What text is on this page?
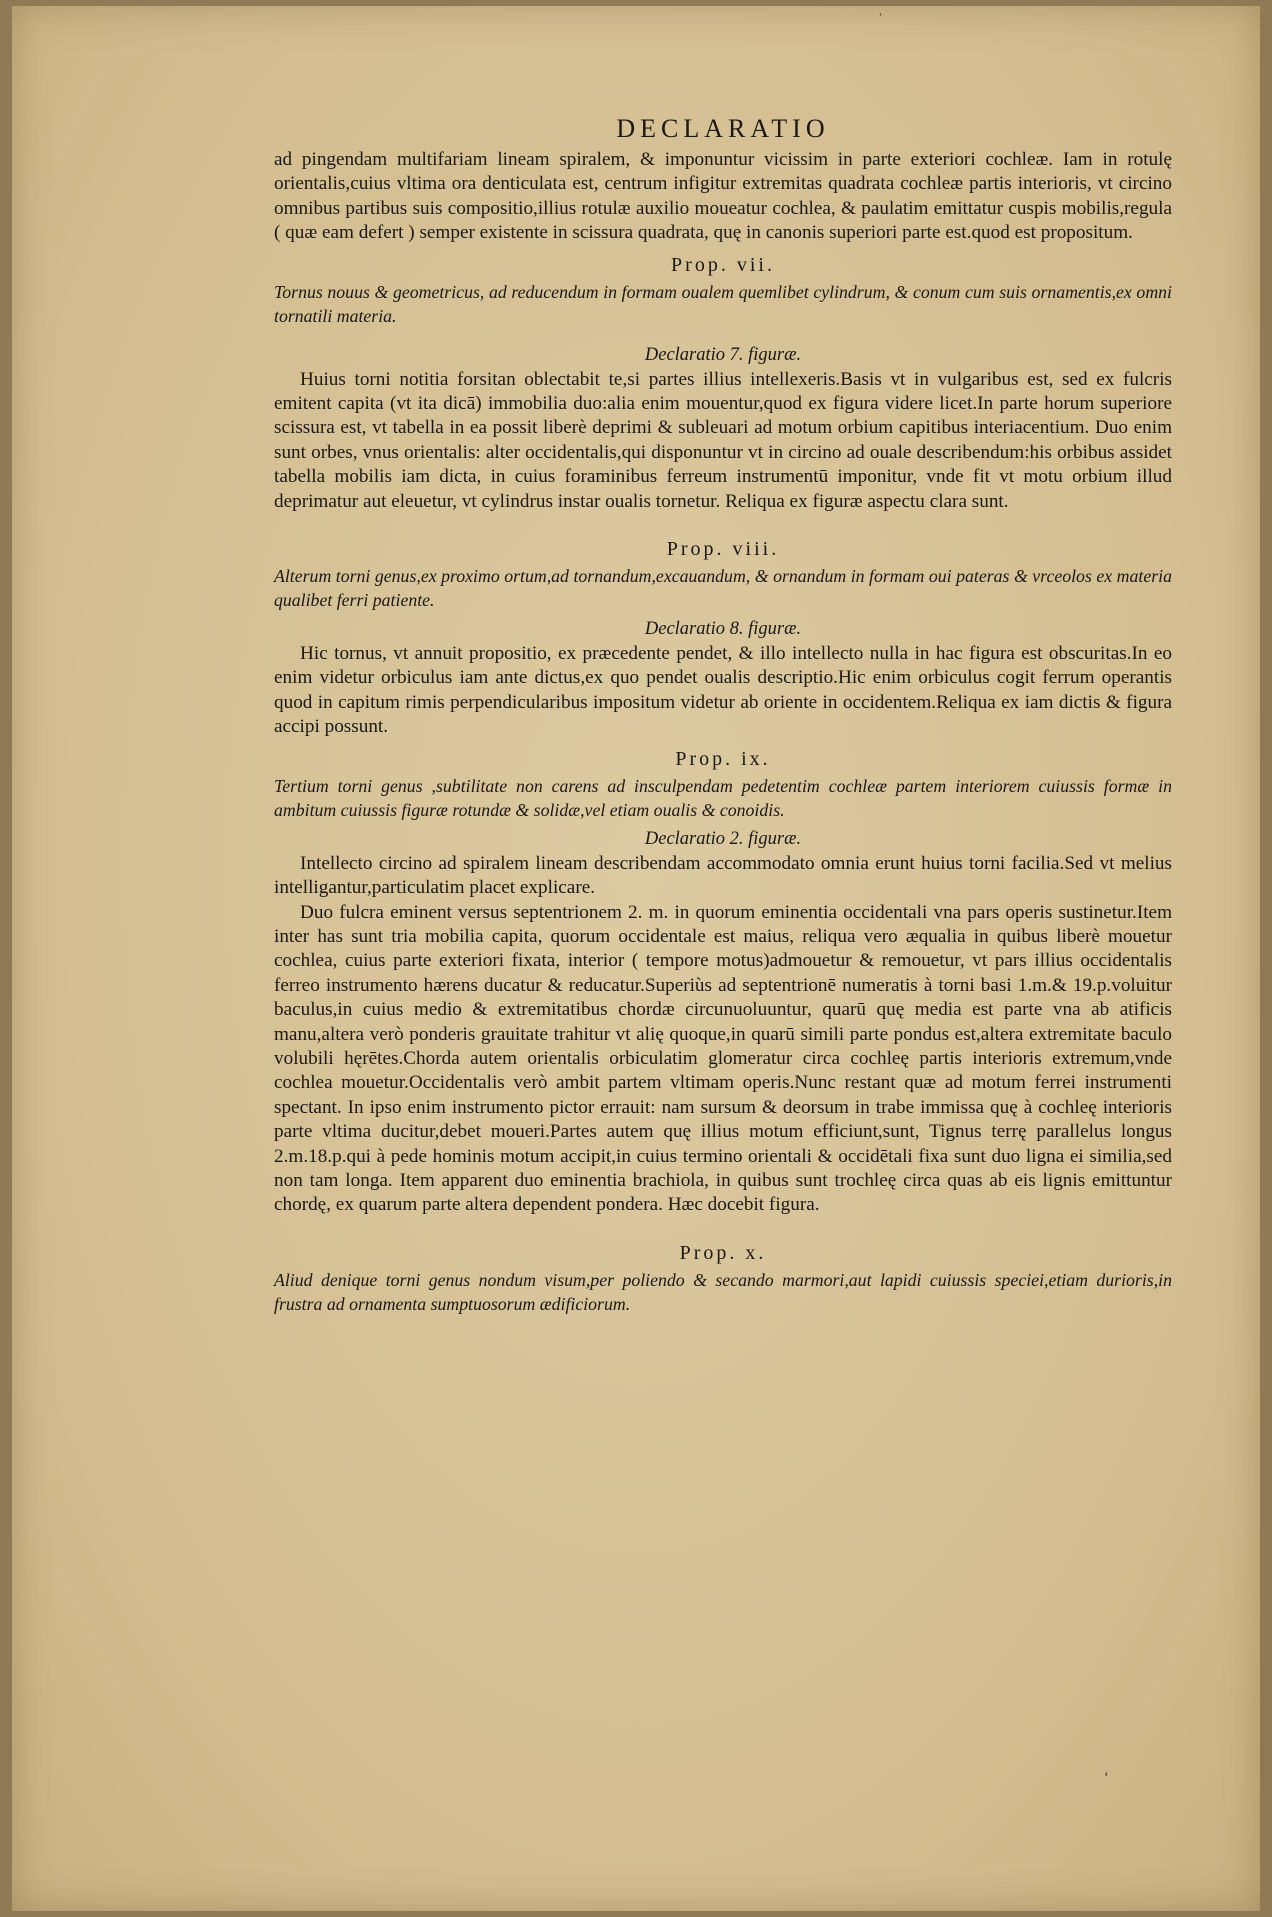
ˈ

DECLARATIO

ad pingendam multifariam lineam spiralem, & imponuntur vicissim in parte exteriori cochleæ. Iam in rotulę orientalis,cuius vltima ora denticulata est, centrum infigitur extremitas quadrata cochleæ partis interioris, vt circino omnibus partibus suis compositio,illius rotulæ auxilio moueatur cochlea, & paulatim emittatur cuspis mobilis,regula ( quæ eam defert ) semper existente in scissura quadrata, quę in canonis superiori parte est.quod est propositum.

Prop. vii.

Tornus nouus & geometricus, ad reducendum in formam oualem quemlibet cylindrum, & conum cum suis ornamentis,ex omni tornatili materia.

Declaratio 7. figuræ.

Huius torni notitia forsitan oblectabit te,si partes illius intellexeris.Basis vt in vulgaribus est, sed ex fulcris emitent capita (vt ita dicā) immobilia duo:alia enim mouentur,quod ex figura videre licet.In parte horum superiore scissura est, vt tabella in ea possit liberè deprimi & subleuari ad motum orbium capitibus interiacentium. Duo enim sunt orbes, vnus orientalis: alter occidentalis,qui disponuntur vt in circino ad ouale describendum:his orbibus assidet tabella mobilis iam dicta, in cuius foraminibus ferreum instrumentū imponitur, vnde fit vt motu orbium illud deprimatur aut eleuetur, vt cylindrus instar oualis tornetur. Reliqua ex figuræ aspectu clara sunt.

Prop. viii.

Alterum torni genus,ex proximo ortum,ad tornandum,excauandum, & ornandum in formam oui pateras & vrceolos ex materia qualibet ferri patiente.

Declaratio 8. figuræ.

Hic tornus, vt annuit propositio, ex præcedente pendet, & illo intellecto nulla in hac figura est obscuritas.In eo enim videtur orbiculus iam ante dictus,ex quo pendet oualis descriptio.Hic enim orbiculus cogit ferrum operantis quod in capitum rimis perpendicularibus impositum videtur ab oriente in occidentem.Reliqua ex iam dictis & figura accipi possunt.

Prop. ix.

Tertium torni genus ,subtilitate non carens ad insculpendam pedetentim cochleæ partem interiorem cuiussis formæ in ambitum cuiussis figuræ rotundæ & solidæ,vel etiam oualis & conoidis.

Declaratio 2. figuræ.

Intellecto circino ad spiralem lineam describendam accommodato omnia erunt huius torni facilia.Sed vt melius intelligantur,particulatim placet explicare.

Duo fulcra eminent versus septentrionem 2. m. in quorum eminentia occidentali vna pars operis sustinetur.Item inter has sunt tria mobilia capita, quorum occidentale est maius, reliqua vero æqualia in quibus liberè mouetur cochlea, cuius parte exteriori fixata, interior ( tempore motus)admouetur & remouetur, vt pars illius occidentalis ferreo instrumento hærens ducatur & reducatur.Superiùs ad septentrionē numeratis à torni basi 1.m.& 19.p.voluitur baculus,in cuius medio & extremitatibus chordæ circunuoluuntur, quarū quę media est parte vna ab atificis manu,altera verò ponderis grauitate trahitur vt alię quoque,in quarū simili parte pondus est,altera extremitate baculo volubili hęrētes.Chorda autem orientalis orbiculatim glomeratur circa cochleę partis interioris extremum,vnde cochlea mouetur.Occidentalis verò ambit partem vltimam operis.Nunc restant quæ ad motum ferrei instrumenti spectant. In ipso enim instrumento pictor errauit: nam sursum & deorsum in trabe immissa quę à cochleę interioris parte vltima ducitur,debet moueri.Partes autem quę illius motum efficiunt,sunt, Tignus terrę parallelus longus 2.m.18.p.qui à pede hominis motum accipit,in cuius termino orientali & occidētali fixa sunt duo ligna ei similia,sed non tam longa. Item apparent duo eminentia brachiola, in quibus sunt trochleę circa quas ab eis lignis emittuntur chordę, ex quarum parte altera dependent pondera. Hæc docebit figura.

Prop. x.

Aliud denique torni genus nondum visum,per poliendo & secando marmori,aut lapidi cuiussis speciei,etiam durioris,in frustra ad ornamenta sumptuosorum ædificiorum.

ʻ
